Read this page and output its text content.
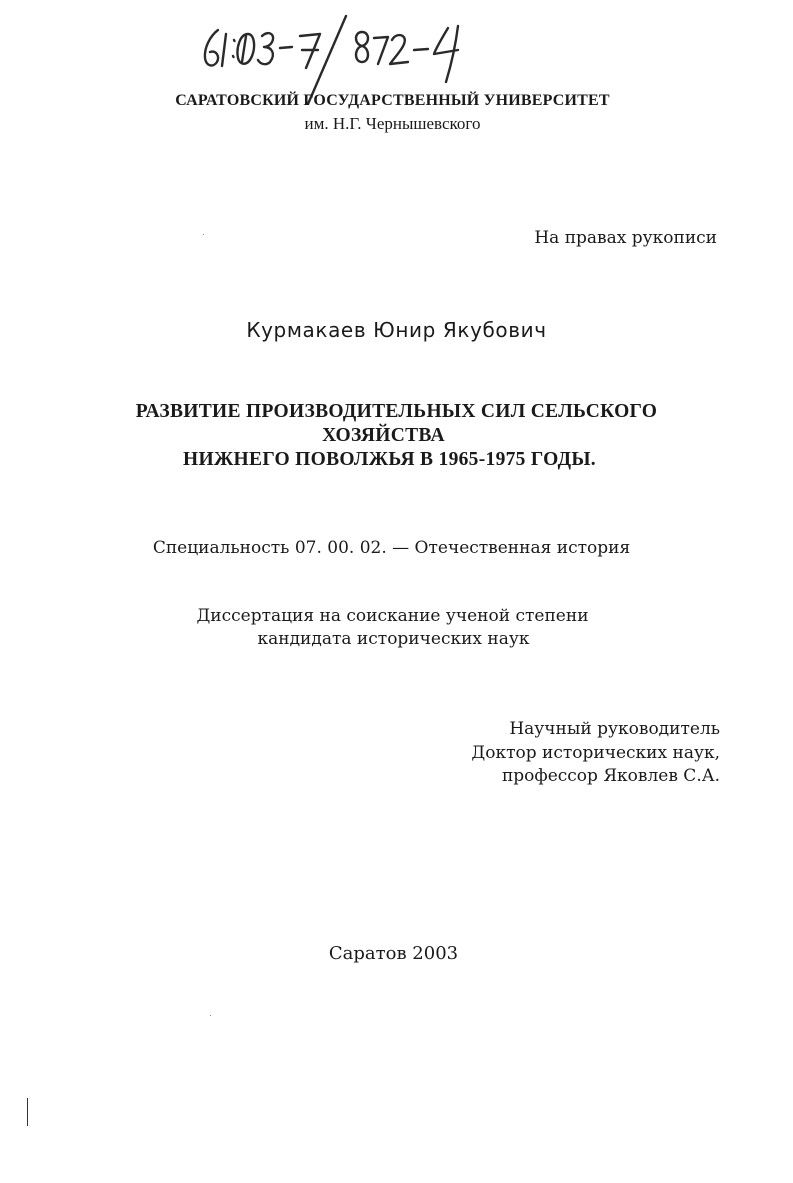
САРАТОВСКИЙ ГОСУДАРСТВЕННЫЙ УНИВЕРСИТЕТ
им. Н.Г. Чернышевского
На правах рукописи
Курмакаев Юнир Якубович
РАЗВИТИЕ ПРОИЗВОДИТЕЛЬНЫХ СИЛ СЕЛЬСКОГО
ХОЗЯЙСТВА
НИЖНЕГО ПОВОЛЖЬЯ В 1965-1975 ГОДЫ.
Специальность 07. 00. 02. — Отечественная история
Диссертация на соискание ученой степени
кандидата исторических наук
Научный руководитель
Доктор исторических наук,
профессор Яковлев С.А.
Саратов 2003
